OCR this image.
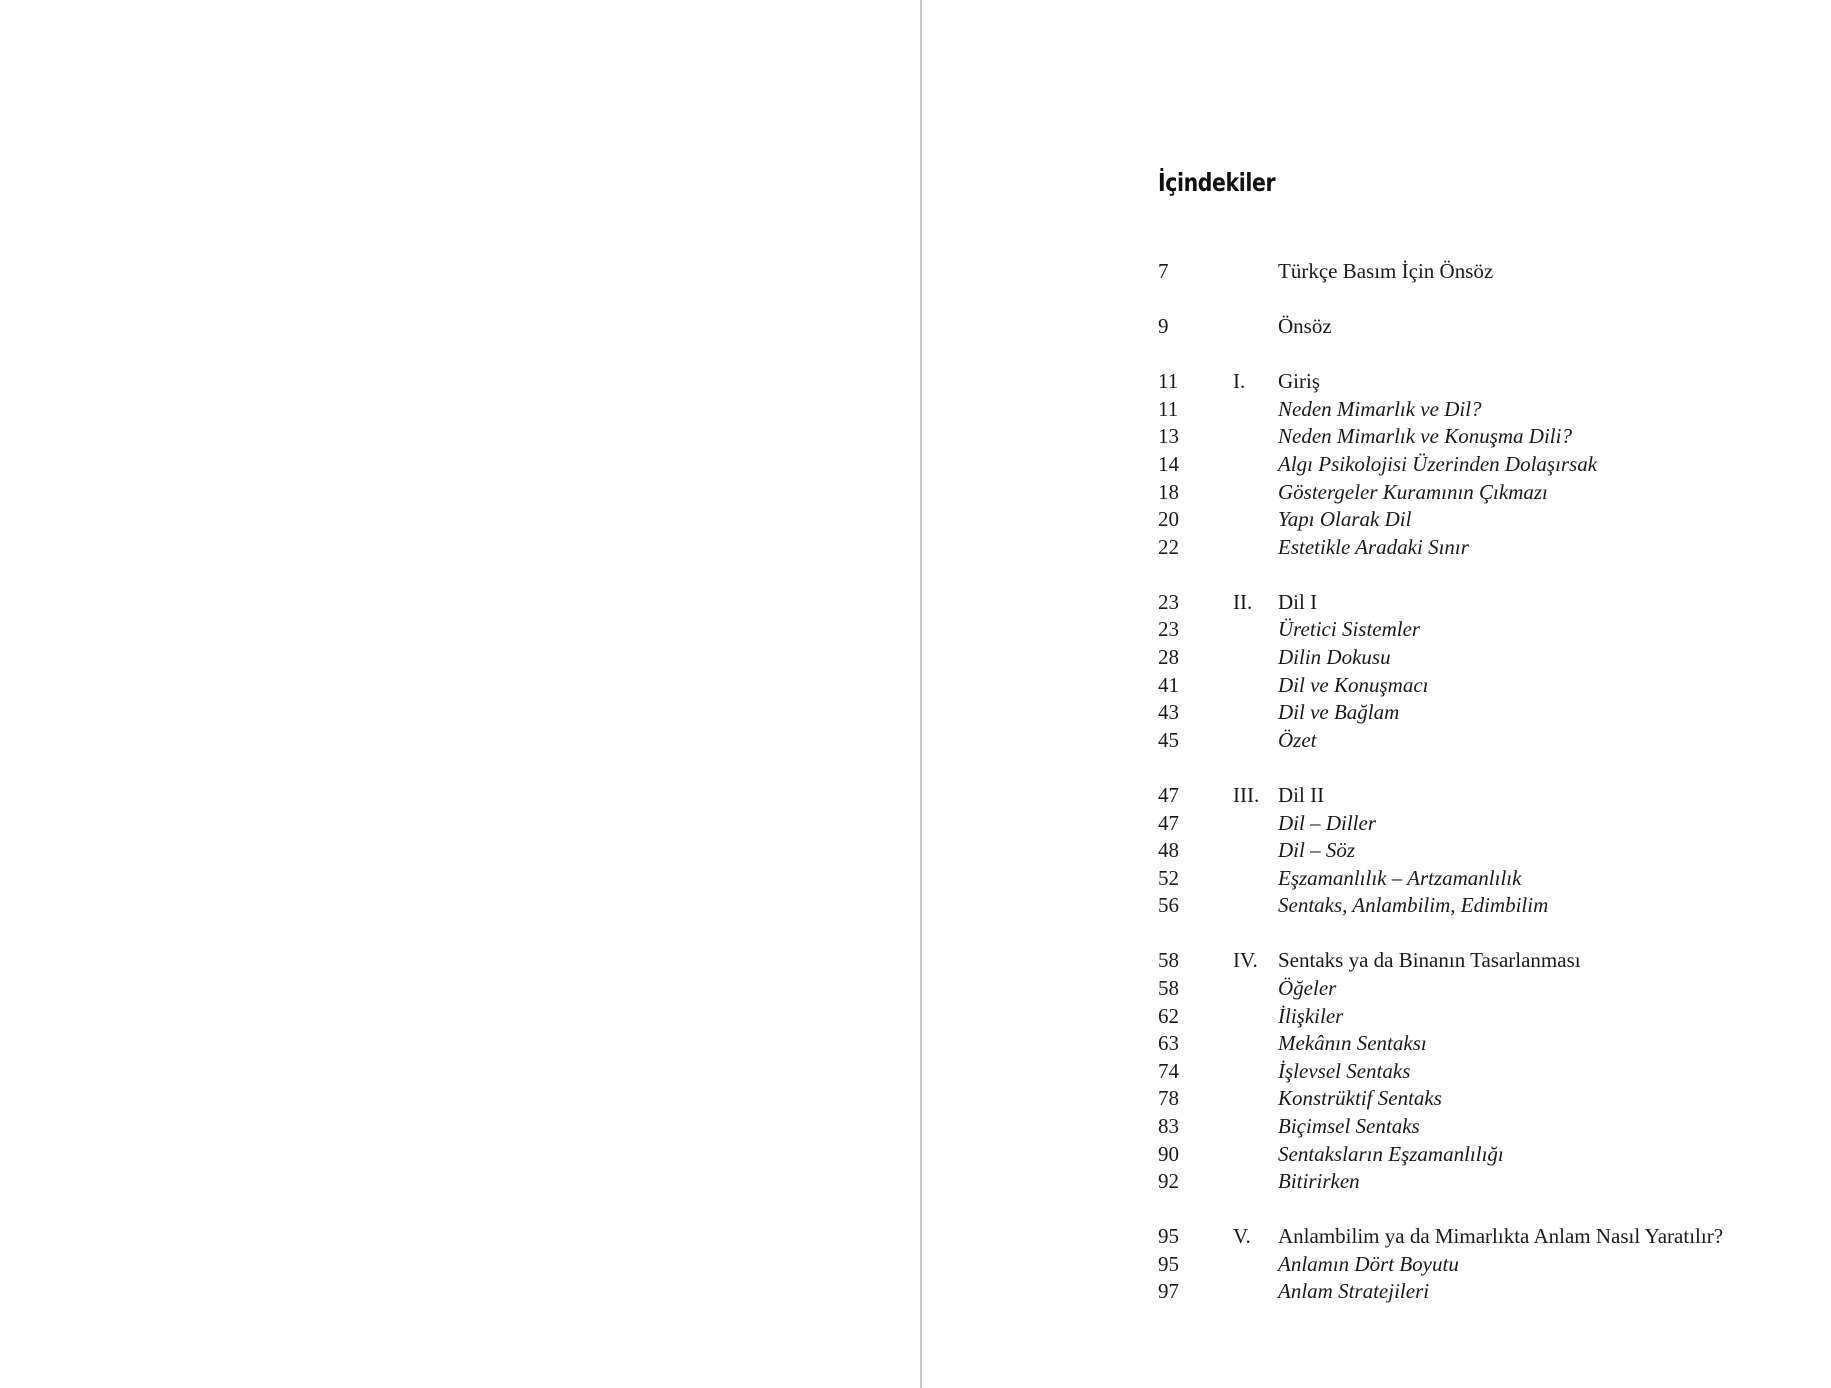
İçindekiler
7	Türkçe Basım İçin Önsöz
9	Önsöz
11	I.	Giriş
11	Neden Mimarlık ve Dil?
13	Neden Mimarlık ve Konuşma Dili?
14	Algı Psikolojisi Üzerinden Dolaşırsak
18	Göstergeler Kuramının Çıkmazı
20	Yapı Olarak Dil
22	Estetikle Aradaki Sınır
23	II.	Dil I
23	Üretici Sistemler
28	Dilin Dokusu
41	Dil ve Konuşmacı
43	Dil ve Bağlam
45	Özet
47	III. Dil II
47	Dil – Diller
48	Dil – Söz
52	Eşzamanlılık – Artzamanlılık
56	Sentaks, Anlambilim, Edimbilim
58	IV. Sentaks ya da Binanın Tasarlanması
58	Öğeler
62	İlişkiler
63	Mekânın Sentaksı
74	İşlevsel Sentaks
78	Konstrüktif Sentaks
83	Biçimsel Sentaks
90	Sentaksların Eşzamanlılığı
92	Bitirirken
95	V.	Anlambilim ya da Mimarlıkta Anlam Nasıl Yaratılır?
95	Anlamın Dört Boyutu
97	Anlam Stratejileri
